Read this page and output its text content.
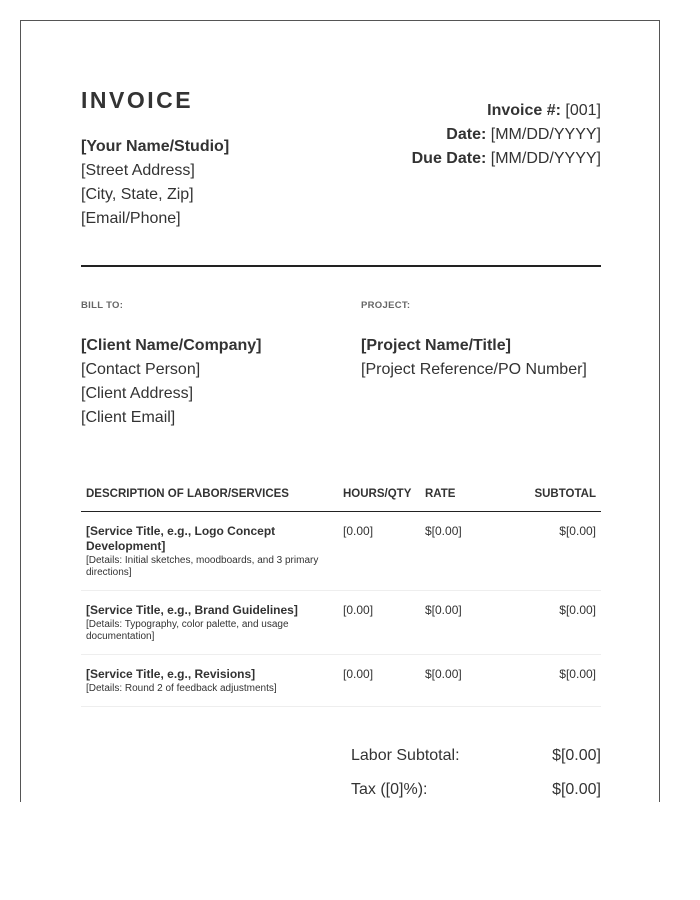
INVOICE
[Your Name/Studio]
[Street Address]
[City, State, Zip]
[Email/Phone]
Invoice #: [001]
Date: [MM/DD/YYYY]
Due Date: [MM/DD/YYYY]
BILL TO:
[Client Name/Company]
[Contact Person]
[Client Address]
[Client Email]
PROJECT:
[Project Name/Title]
[Project Reference/PO Number]
DESCRIPTION OF LABOR/SERVICES	HOURS/QTY	RATE	SUBTOTAL

[Service Title, e.g., Logo Concept Development]
[Details: Initial sketches, moodboards, and 3 primary directions]	[0.00]	$[0.00]	$[0.00]

[Service Title, e.g., Brand Guidelines]
[Details: Typography, color palette, and usage documentation]	[0.00]	$[0.00]	$[0.00]

[Service Title, e.g., Revisions]
[Details: Round 2 of feedback adjustments]	[0.00]	$[0.00]	$[0.00]
Labor Subtotal:	$[0.00]
Tax ([0]%):	$[0.00]
